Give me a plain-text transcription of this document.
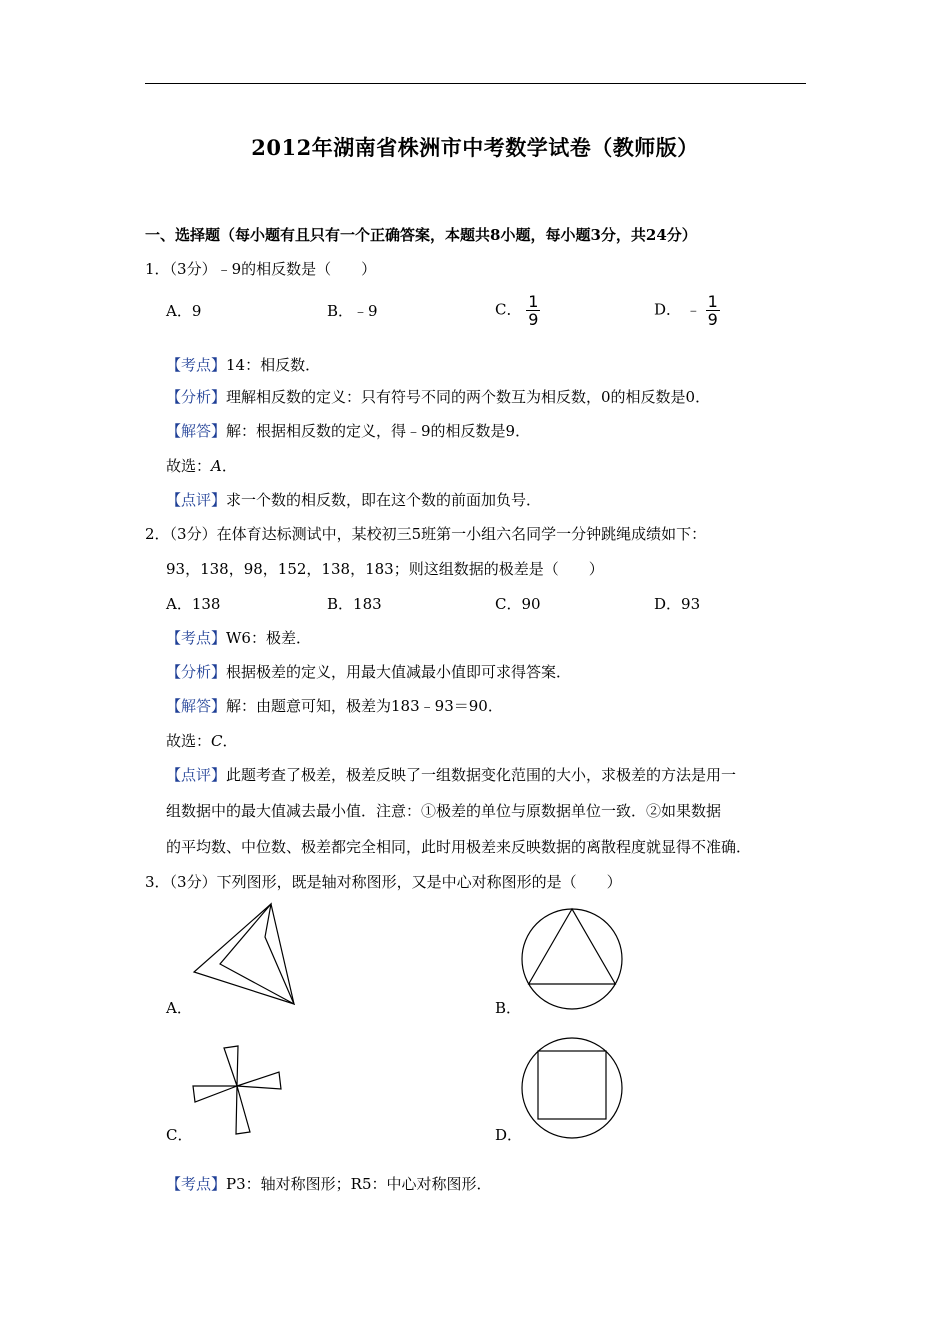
2012年湖南省株洲市中考数学试卷（教师版）
一、选择题（每小题有且只有一个正确答案，本题共8小题，每小题3分，共24分）
1．（3分）﹣9的相反数是（　　）
A．9	B．﹣9	C． $\frac{1}{9}$	D． ﹣ $\frac{1}{9}$
【考点】14：相反数．
【分析】理解相反数的定义：只有符号不同的两个数互为相反数，0的相反数是0．
【解答】解：根据相反数的定义，得﹣9的相反数是9．
故选：A．
【点评】求一个数的相反数，即在这个数的前面加负号．
2．（3分）在体育达标测试中，某校初三5班第一小组六名同学一分钟跳绳成绩如下：
93，138，98，152，138，183；则这组数据的极差是（　　）
A．138	B．183	C．90	D．93
【考点】W6：极差．
【分析】根据极差的定义，用最大值减最小值即可求得答案．
【解答】解：由题意可知，极差为183﹣93＝90．
故选：C．
【点评】此题考查了极差，极差反映了一组数据变化范围的大小，求极差的方法是用一
组数据中的最大值减去最小值．注意：①极差的单位与原数据单位一致．②如果数据
的平均数、中位数、极差都完全相同，此时用极差来反映数据的离散程度就显得不准确．
3．（3分）下列图形，既是轴对称图形，又是中心对称图形的是（　　）
A．	B．
C．	D．
【考点】P3：轴对称图形；R5：中心对称图形．
